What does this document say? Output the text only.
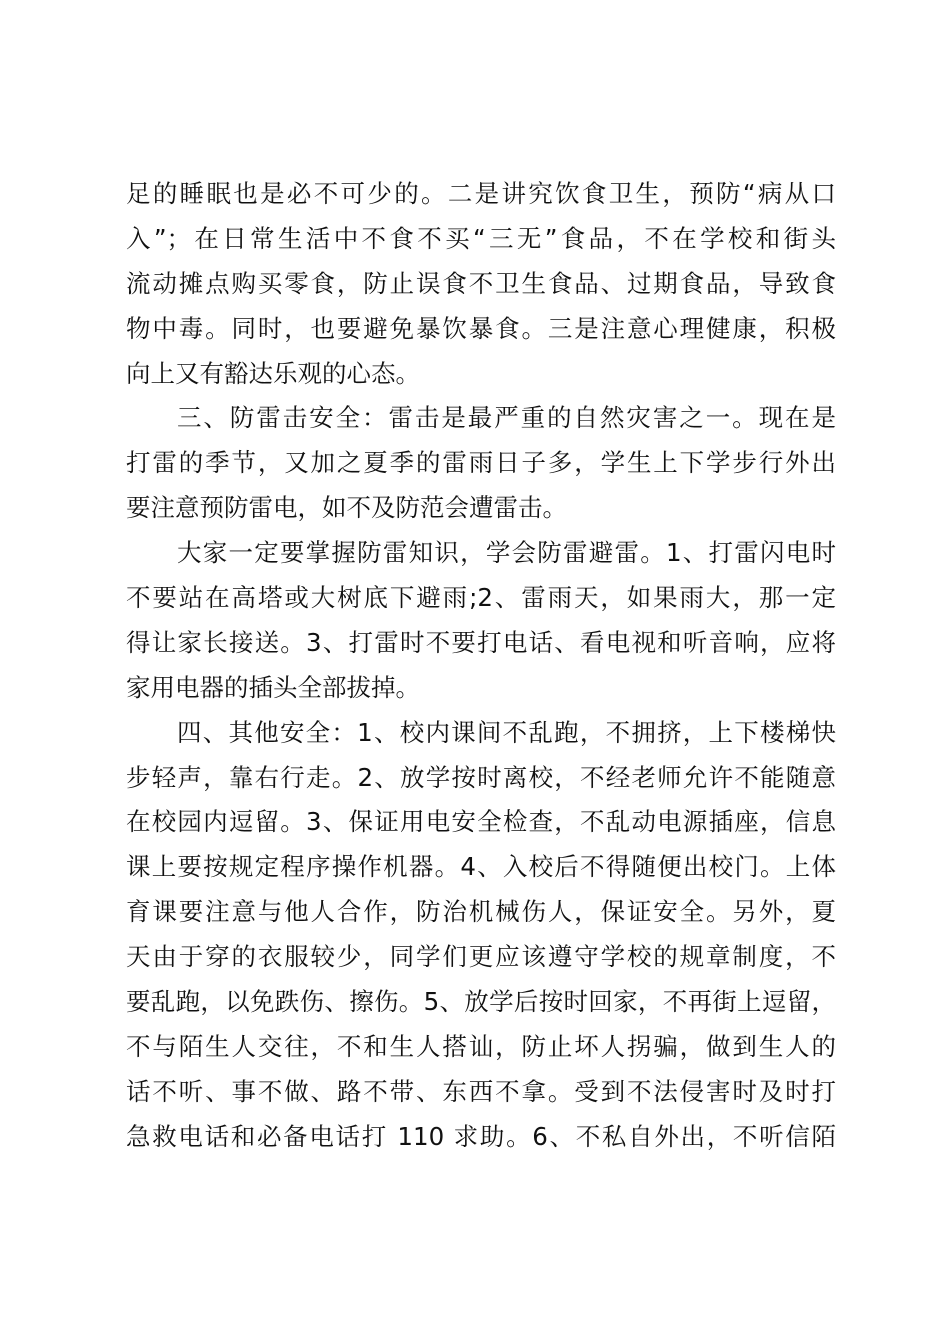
足的睡眠也是必不可少的。二是讲究饮食卫生，预防“病从口
入”；在日常生活中不食不买“三无”食品，不在学校和街头
流动摊点购买零食，防止误食不卫生食品、过期食品，导致食
物中毒。同时，也要避免暴饮暴食。三是注意心理健康，积极
向上又有豁达乐观的心态。
三、防雷击安全：雷击是最严重的自然灾害之一。现在是
打雷的季节，又加之夏季的雷雨日子多，学生上下学步行外出
要注意预防雷电，如不及防范会遭雷击。
大家一定要掌握防雷知识，学会防雷避雷。1、打雷闪电时
不要站在高塔或大树底下避雨;2、雷雨天，如果雨大，那一定
得让家长接送。3、打雷时不要打电话、看电视和听音响，应将
家用电器的插头全部拔掉。
四、其他安全：1、校内课间不乱跑，不拥挤，上下楼梯快
步轻声，靠右行走。2、放学按时离校，不经老师允许不能随意
在校园内逗留。3、保证用电安全检查，不乱动电源插座，信息
课上要按规定程序操作机器。4、入校后不得随便出校门。上体
育课要注意与他人合作，防治机械伤人，保证安全。另外，夏
天由于穿的衣服较少，同学们更应该遵守学校的规章制度，不
要乱跑，以免跌伤、擦伤。5、放学后按时回家，不再街上逗留，
不与陌生人交往，不和生人搭讪，防止坏人拐骗，做到生人的
话不听、事不做、路不带、东西不拿。受到不法侵害时及时打
急救电话和必备电话打 110 求助。6、不私自外出，不听信陌
